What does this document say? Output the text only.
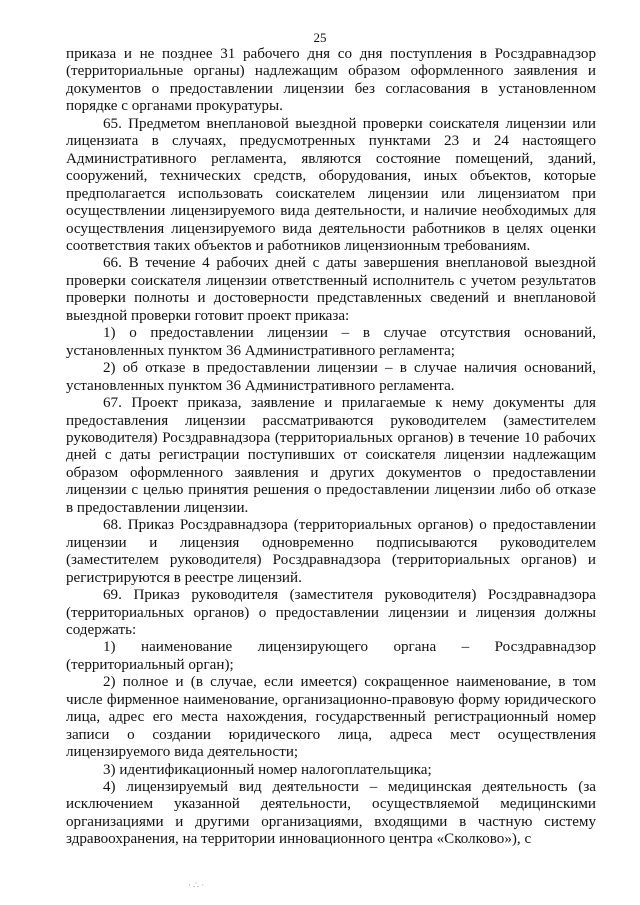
25

приказа и не позднее 31 рабочего дня со дня поступления в Росздравнадзор (территориальные органы) надлежащим образом оформленного заявления и документов о предоставлении лицензии без согласования в установленном порядке с органами прокуратуры.

65. Предметом внеплановой выездной проверки соискателя лицензии или лицензиата в случаях, предусмотренных пунктами 23 и 24 настоящего Административного регламента, являются состояние помещений, зданий, сооружений, технических средств, оборудования, иных объектов, которые предполагается использовать соискателем лицензии или лицензиатом при осуществлении лицензируемого вида деятельности, и наличие необходимых для осуществления лицензируемого вида деятельности работников в целях оценки соответствия таких объектов и работников лицензионным требованиям.

66. В течение 4 рабочих дней с даты завершения внеплановой выездной проверки соискателя лицензии ответственный исполнитель с учетом результатов проверки полноты и достоверности представленных сведений и внеплановой выездной проверки готовит проект приказа:

1) о предоставлении лицензии – в случае отсутствия оснований, установленных пунктом 36 Административного регламента;

2) об отказе в предоставлении лицензии – в случае наличия оснований, установленных пунктом 36 Административного регламента.

67. Проект приказа, заявление и прилагаемые к нему документы для предоставления лицензии рассматриваются руководителем (заместителем руководителя) Росздравнадзора (территориальных органов) в течение 10 рабочих дней с даты регистрации поступивших от соискателя лицензии надлежащим образом оформленного заявления и других документов о предоставлении лицензии с целью принятия решения о предоставлении лицензии либо об отказе в предоставлении лицензии.

68. Приказ Росздравнадзора (территориальных органов) о предоставлении лицензии и лицензия одновременно подписываются руководителем (заместителем руководителя) Росздравнадзора (территориальных органов) и регистрируются в реестре лицензий.

69. Приказ руководителя (заместителя руководителя) Росздравнадзора (территориальных органов) о предоставлении лицензии и лицензия должны содержать:

1) наименование лицензирующего органа – Росздравнадзор (территориальный орган);

2) полное и (в случае, если имеется) сокращенное наименование, в том числе фирменное наименование, организационно-правовую форму юридического лица, адрес его места нахождения, государственный регистрационный номер записи о создании юридического лица, адреса мест осуществления лицензируемого вида деятельности;

3) идентификационный номер налогоплательщика;

4) лицензируемый вид деятельности – медицинская деятельность (за исключением указанной деятельности, осуществляемой медицинскими организациями и другими организациями, входящими в частную систему здравоохранения, на территории инновационного центра «Сколково»), с

· ∴ ·
